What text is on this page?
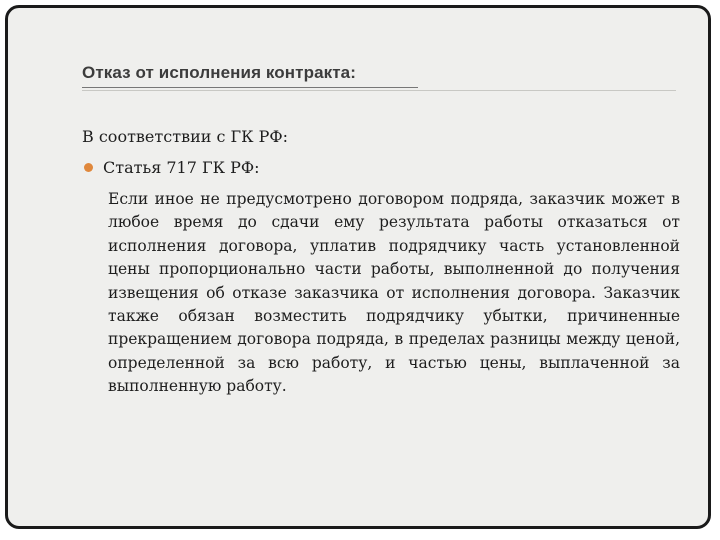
Отказ от исполнения контракта:
В соответствии с ГК РФ:
Статья 717 ГК РФ:
Если иное не предусмотрено договором подряда, заказчик может в любое время до сдачи ему результата работы отказаться от исполнения договора, уплатив подрядчику часть установленной цены пропорционально части работы, выполненной до получения извещения об отказе заказчика от исполнения договора. Заказчик также обязан возместить подрядчику убытки, причиненные прекращением договора подряда, в пределах разницы между ценой, определенной за всю работу, и частью цены, выплаченной за выполненную работу.
